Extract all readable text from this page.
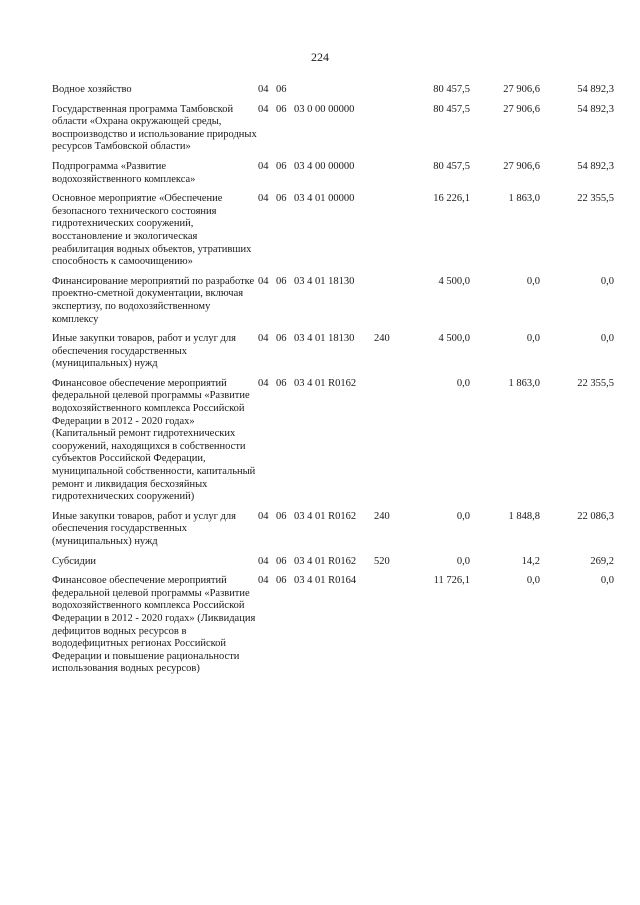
224
Водное хозяйство	04	06			80 457,5	27 906,6	54 892,3
Государственная программа Тамбовской области «Охрана окружающей среды, воспроизводство и использование природных ресурсов Тамбовской области»	04	06	03 0 00 00000		80 457,5	27 906,6	54 892,3
Подпрограмма «Развитие водохозяйственного комплекса»	04	06	03 4 00 00000		80 457,5	27 906,6	54 892,3
Основное мероприятие «Обеспечение безопасного технического состояния гидротехнических сооружений, восстановление и экологическая реабилитация водных объектов, утративших способность к самоочищению»	04	06	03 4 01 00000		16 226,1	1 863,0	22 355,5
Финансирование мероприятий по разработке проектно-сметной документации, включая экспертизу, по водохозяйственному комплексу	04	06	03 4 01 18130		4 500,0	0,0	0,0
Иные закупки товаров, работ и услуг для обеспечения государственных (муниципальных) нужд	04	06	03 4 01 18130	240	4 500,0	0,0	0,0
Финансовое обеспечение мероприятий федеральной целевой программы «Развитие водохозяйственного комплекса Российской Федерации в 2012 - 2020 годах» (Капитальный ремонт гидротехнических сооружений, находящихся в собственности субъектов Российской Федерации, муниципальной собственности, капитальный ремонт и ликвидация бесхозяйных гидротехнических сооружений)	04	06	03 4 01 R0162		0,0	1 863,0	22 355,5
Иные закупки товаров, работ и услуг для обеспечения государственных (муниципальных) нужд	04	06	03 4 01 R0162	240	0,0	1 848,8	22 086,3
Субсидии	04	06	03 4 01 R0162	520	0,0	14,2	269,2
Финансовое обеспечение мероприятий федеральной целевой программы «Развитие водохозяйственного комплекса Российской Федерации в 2012 - 2020 годах» (Ликвидация дефицитов водных ресурсов в вододефицитных регионах Российской Федерации и повышение рациональности использования водных ресурсов)	04	06	03 4 01 R0164		11 726,1	0,0	0,0
